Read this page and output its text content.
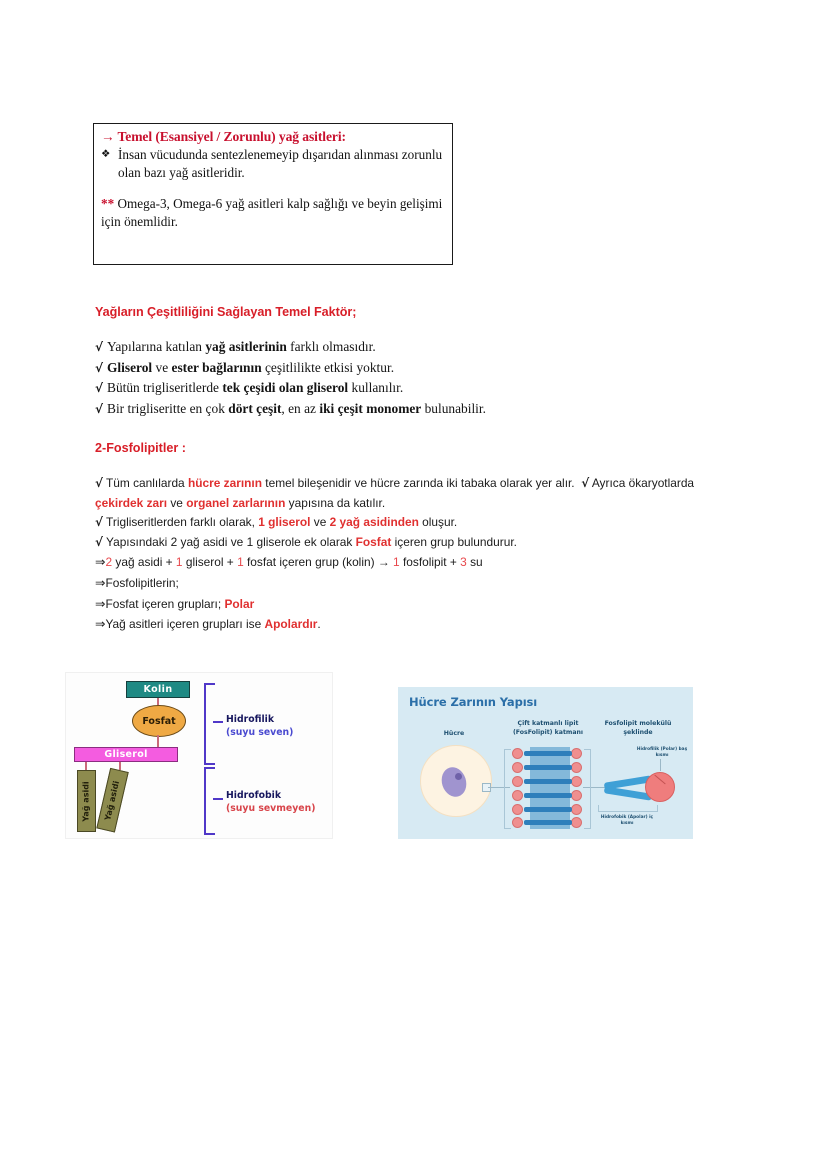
→ Temel (Esansiyel / Zorunlu) yağ asitleri:
❖ İnsan vücudunda sentezlenemeyip dışarıdan alınması zorunlu olan bazı yağ asitleridir.
** Omega-3, Omega-6 yağ asitleri kalp sağlığı ve beyin gelişimi için önemlidir.
Yağların Çeşitliliğini Sağlayan Temel Faktör;
√ Yapılarına katılan yağ asitlerinin farklı olmasıdır.
√ Gliserol ve ester bağlarının çeşitlilikte etkisi yoktur.
√ Bütün trigliseritlerde tek çeşidi olan gliserol kullanılır.
√ Bir trigliseritte en çok dört çeşit, en az iki çeşit monomer bulunabilir.
2-Fosfolipitler :
√ Tüm canlılarda hücre zarının temel bileşenidir ve hücre zarında iki tabaka olarak yer alır. √ Ayrıca ökaryotlarda çekirdek zarı ve organel zarlarının yapısına da katılır.
√ Trigliseritlerden farklı olarak, 1 gliserol ve 2 yağ asidinden oluşur.
√ Yapısındaki 2 yağ asidi ve 1 gliserole ek olarak Fosfat içeren grup bulundurur.
⇒2 yağ asidi + 1 gliserol + 1 fosfat içeren grup (kolin) → 1 fosfolipit + 3 su
⇒Fosfolipitlerin;
⇒Fosfat içeren grupları; Polar
⇒Yağ asitleri içeren grupları ise Apolardır.
Kolin
Fosfat
Gliserol
Yağ asidi Yağ asidi
Hidrofilik
(suyu seven)
Hidrofobik
(suyu sevmeyen)
Hücre Zarının Yapısı
Hücre
Çift katmanlı lipit (FosFolipit) katmanı
Fosfolipit molekülü şeklinde
Hidrofilik (Polar) baş kısmı
Hidrofobik (Apolar) iç kısmı
